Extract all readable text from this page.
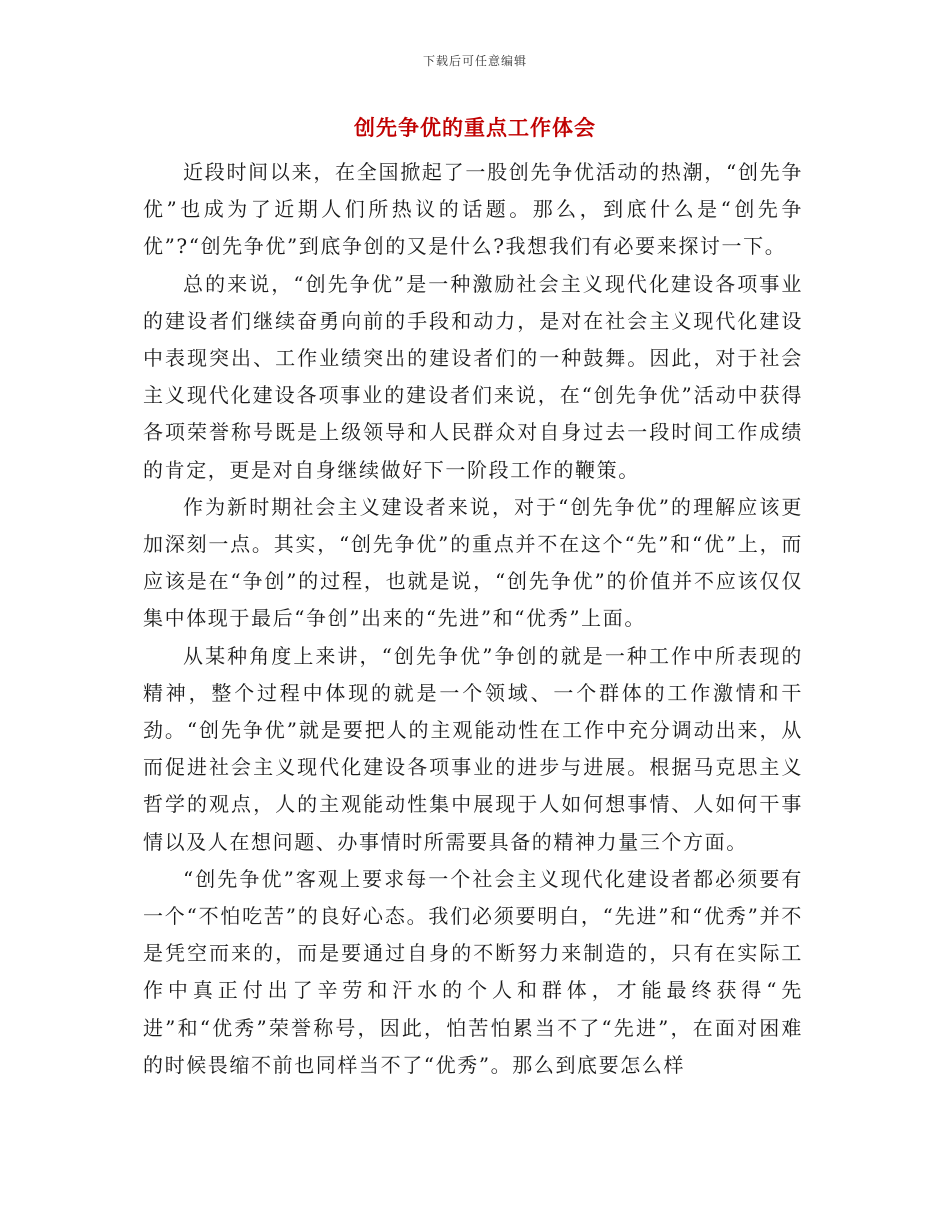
下载后可任意编辑
创先争优的重点工作体会

近段时间以来，在全国掀起了一股创先争优活动的热潮，“创先争优”也成为了近期人们所热议的话题。那么，到底什么是“创先争优”?“创先争优”到底争创的又是什么?我想我们有必要来探讨一下。

总的来说，“创先争优”是一种激励社会主义现代化建设各项事业的建设者们继续奋勇向前的手段和动力，是对在社会主义现代化建设中表现突出、工作业绩突出的建设者们的一种鼓舞。因此，对于社会主义现代化建设各项事业的建设者们来说，在“创先争优”活动中获得各项荣誉称号既是上级领导和人民群众对自身过去一段时间工作成绩的肯定，更是对自身继续做好下一阶段工作的鞭策。

作为新时期社会主义建设者来说，对于“创先争优”的理解应该更加深刻一点。其实，“创先争优”的重点并不在这个“先”和“优”上，而应该是在“争创”的过程，也就是说，“创先争优”的价值并不应该仅仅集中体现于最后“争创”出来的“先进”和“优秀”上面。

从某种角度上来讲，“创先争优”争创的就是一种工作中所表现的精神，整个过程中体现的就是一个领域、一个群体的工作激情和干劲。“创先争优”就是要把人的主观能动性在工作中充分调动出来，从而促进社会主义现代化建设各项事业的进步与进展。根据马克思主义哲学的观点，人的主观能动性集中展现于人如何想事情、人如何干事情以及人在想问题、办事情时所需要具备的精神力量三个方面。

“创先争优”客观上要求每一个社会主义现代化建设者都必须要有一个“不怕吃苦”的良好心态。我们必须要明白，“先进”和“优秀”并不是凭空而来的，而是要通过自身的不断努力来制造的，只有在实际工作中真正付出了辛劳和汗水的个人和群体，才能最终获得“先进”和“优秀”荣誉称号，因此，怕苦怕累当不了“先进”，在面对困难的时候畏缩不前也同样当不了“优秀”。那么到底要怎么样
